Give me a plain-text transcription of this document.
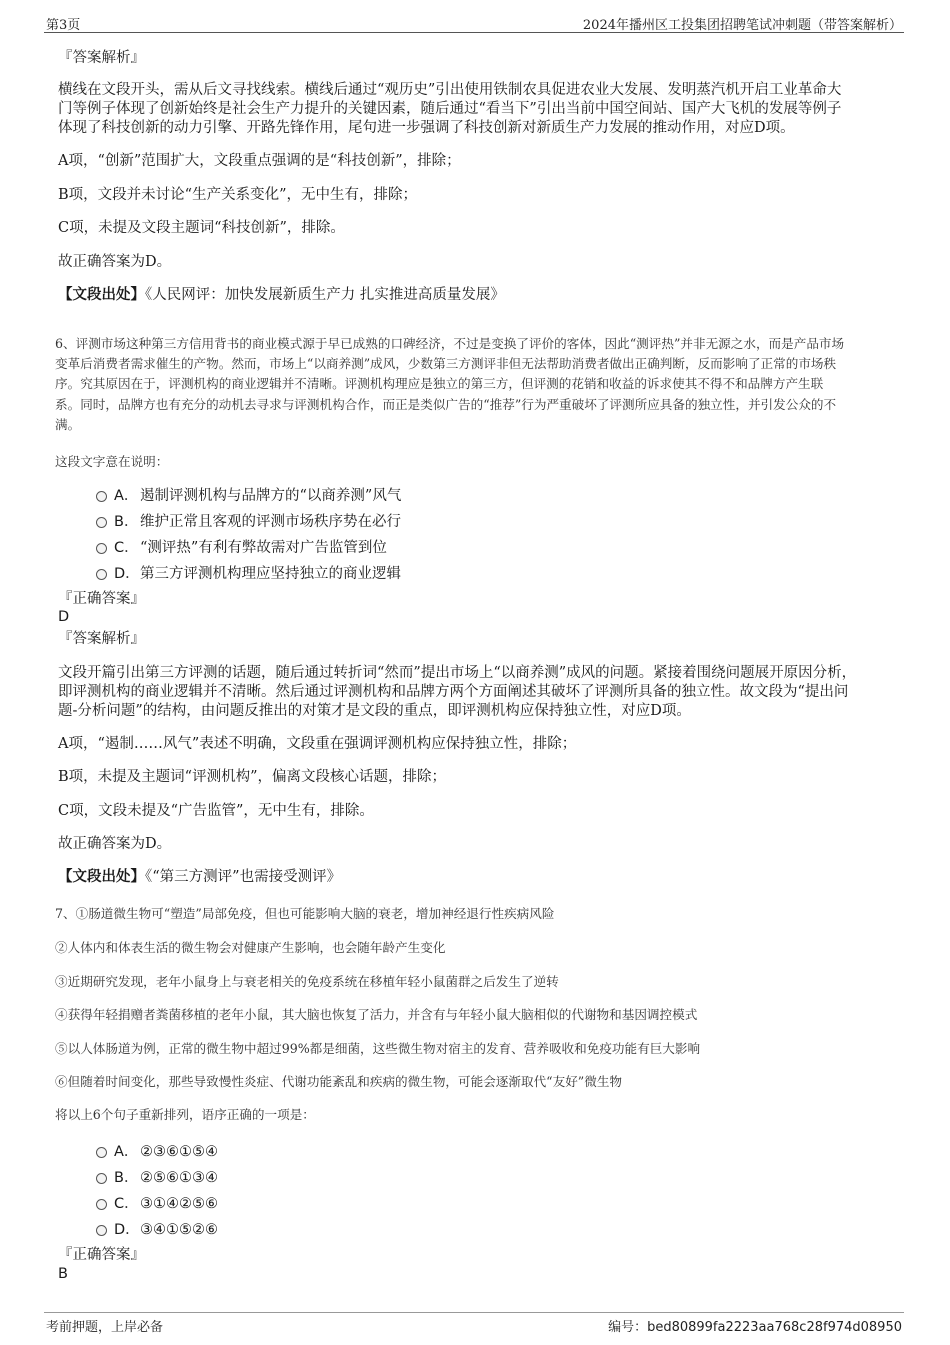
第3页	2024年播州区工投集团招聘笔试冲刺题（带答案解析）
『答案解析』
横线在文段开头，需从后文寻找线索。横线后通过“观历史”引出使用铁制农具促进农业大发展、发明蒸汽机开启工业革命大
门等例子体现了创新始终是社会生产力提升的关键因素，随后通过“看当下”引出当前中国空间站、国产大飞机的发展等例子
体现了科技创新的动力引擎、开路先锋作用，尾句进一步强调了科技创新对新质生产力发展的推动作用，对应D项。
A项，“创新”范围扩大，文段重点强调的是“科技创新”，排除；
B项，文段并未讨论“生产关系变化”，无中生有，排除；
C项，未提及文段主题词“科技创新”，排除。
故正确答案为D。
【文段出处】《人民网评：加快发展新质生产力 扎实推进高质量发展》
6、评测市场这种第三方信用背书的商业模式源于早已成熟的口碑经济，不过是变换了评价的客体，因此“测评热”并非无源之水，而是产品市场
变革后消费者需求催生的产物。然而，市场上“以商养测”成风，少数第三方测评非但无法帮助消费者做出正确判断，反而影响了正常的市场秩
序。究其原因在于，评测机构的商业逻辑并不清晰。评测机构理应是独立的第三方，但评测的花销和收益的诉求使其不得不和品牌方产生联
系。同时，品牌方也有充分的动机去寻求与评测机构合作，而正是类似广告的“推荐”行为严重破坏了评测所应具备的独立性，并引发公众的不
满。
这段文字意在说明：
A． 遏制评测机构与品牌方的“以商养测”风气
B． 维护正常且客观的评测市场秩序势在必行
C．“测评热”有利有弊故需对广告监管到位
D．第三方评测机构理应坚持独立的商业逻辑
『正确答案』
D
『答案解析』
文段开篇引出第三方评测的话题，随后通过转折词“然而”提出市场上“以商养测”成风的问题。紧接着围绕问题展开原因分析，
即评测机构的商业逻辑并不清晰。然后通过评测机构和品牌方两个方面阐述其破坏了评测所具备的独立性。故文段为“提出问
题-分析问题”的结构，由问题反推出的对策才是文段的重点，即评测机构应保持独立性，对应D项。
A项，“遏制……风气”表述不明确，文段重在强调评测机构应保持独立性，排除；
B项，未提及主题词“评测机构”，偏离文段核心话题，排除；
C项，文段未提及“广告监管”，无中生有，排除。
故正确答案为D。
【文段出处】《“第三方测评”也需接受测评》
7、①肠道微生物可“塑造”局部免疫，但也可能影响大脑的衰老，增加神经退行性疾病风险
②人体内和体表生活的微生物会对健康产生影响，也会随年龄产生变化
③近期研究发现，老年小鼠身上与衰老相关的免疫系统在移植年轻小鼠菌群之后发生了逆转
④获得年轻捐赠者粪菌移植的老年小鼠，其大脑也恢复了活力，并含有与年轻小鼠大脑相似的代谢物和基因调控模式
⑤以人体肠道为例，正常的微生物中超过99%都是细菌，这些微生物对宿主的发育、营养吸收和免疫功能有巨大影响
⑥但随着时间变化，那些导致慢性炎症、代谢功能紊乱和疾病的微生物，可能会逐渐取代“友好”微生物
将以上6个句子重新排列，语序正确的一项是：
A． ②③⑥①⑤④
B． ②⑤⑥①③④
C．③①④②⑤⑥
D．③④①⑤②⑥
『正确答案』
B
考前押题，上岸必备	编号：bed80899fa2223aa768c28f974d08950
